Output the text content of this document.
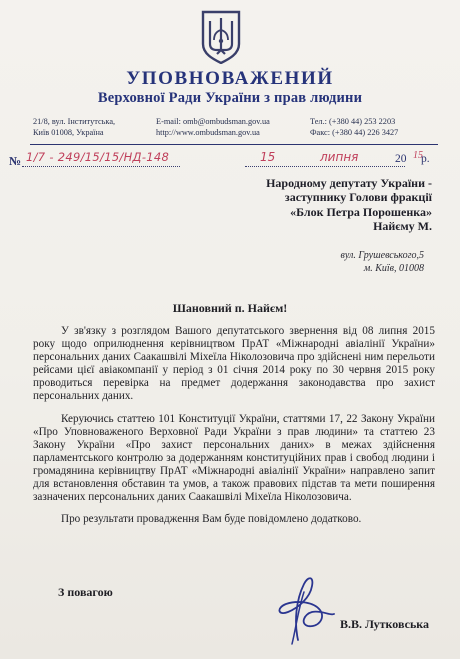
УПОВНОВАЖЕНИЙ
Верховної Ради України з прав людини
21/8, вул. Інститутська,
Київ 01008, Україна
E-mail: omb@ombudsman.gov.ua
http://www.ombudsman.gov.ua
Тел.: (+380 44) 253 2203
Факс: (+380 44) 226 3427
№ 1/7 - 249/15/15/НД-148	15	липня	20 15
р.
Народному депутату України -
заступнику Голови фракції
«Блок Петра Порошенка»
Найєму М.
вул. Грушевського,5
м. Київ, 01008
Шановний п. Найєм!

У зв'язку з розглядом Вашого депутатського звернення від 08 липня 2015 року щодо оприлюднення керівництвом ПрАТ «Міжнародні авіалінії України» персональних даних Саакашвілі Міхеїла Ніколозовича про здійснені ним перельоти рейсами цієї авіакомпанії у період з 01 січня 2014 року по 30 червня 2015 року проводиться перевірка на предмет додержання законодавства про захист персональних даних.

Керуючись статтею 101 Конституції України, статтями 17, 22 Закону України «Про Уповноваженого Верховної Ради України з прав людини» та статтею 23 Закону України «Про захист персональних даних» в межах здійснення парламентського контролю за додержанням конституційних прав і свобод людини і громадянина керівництву ПрАТ «Міжнародні авіалінії України» направлено запит для встановлення обставин та умов, а також правових підстав та мети поширення зазначених персональних даних Саакашвілі Міхеїла Ніколозовича.

Про результати провадження Вам буде повідомлено додатково.

З повагою
В.В. Лутковська
